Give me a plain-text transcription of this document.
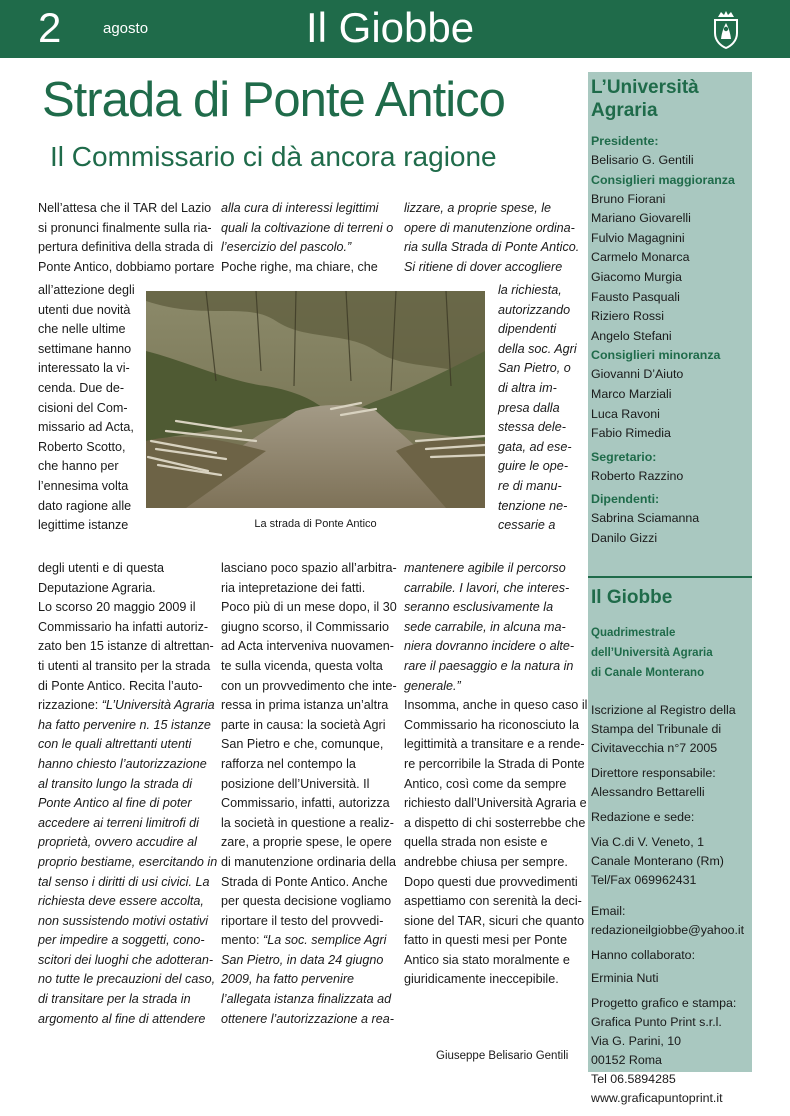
2	agosto	Il Giobbe
Strada di Ponte Antico
Il Commissario ci dà ancora ragione
Nell’attesa che il TAR del Lazio
si pronunci finalmente sulla ria-
pertura definitiva della strada di
Ponte Antico, dobbiamo portare
all’attezione degli
utenti due novità
che nelle ultime
settimane hanno
interessato la vi-
cenda. Due de-
cisioni del Com-
missario ad Acta,
Roberto Scotto,
che hanno per
l’ennesima volta
dato ragione alle
legittime istanze
degli utenti e di questa
Deputazione Agraria.
Lo scorso 20 maggio 2009 il
Commissario ha infatti autoriz-
zato ben 15 istanze di altrettan-
ti utenti al transito per la strada
di Ponte Antico. Recita l’auto-
rizzazione: “L’Università Agraria
ha fatto pervenire n. 15 istanze
con le quali altrettanti utenti
hanno chiesto l’autorizzazione
al transito lungo la strada di
Ponte Antico al fine di poter
accedere ai terreni limitrofi di
proprietà, ovvero accudire al
proprio bestiame, esercitando in
tal senso i diritti di usi civici. La
richiesta deve essere accolta,
non sussistendo motivi ostativi
per impedire a soggetti, cono-
scitori dei luoghi che adotteran-
no tutte le precauzioni del caso,
di transitare per la strada in
argomento al fine di attendere
alla cura di interessi legittimi
quali la coltivazione di terreni o
l’esercizio del pascolo.”
Poche righe, ma chiare, che
La strada di Ponte Antico
lasciano poco spazio all’arbitra-
ria intepretazione dei fatti.
Poco più di un mese dopo, il 30
giugno scorso, il Commissario
ad Acta interveniva nuovamen-
te sulla vicenda, questa volta
con un provvedimento che inte-
ressa in prima istanza un’altra
parte in causa: la società Agri
San Pietro e che, comunque,
rafforza nel contempo la
posizione dell’Università. Il
Commissario, infatti, autorizza
la società in questione a realiz-
zare, a proprie spese, le opere
di manutenzione ordinaria della
Strada di Ponte Antico. Anche
per questa decisione vogliamo
riportare il testo del provvedi-
mento: “La soc. semplice Agri
San Pietro, in data 24 giugno
2009, ha fatto pervenire
l’allegata istanza finalizzata ad
ottenere l’autorizzazione a rea-
lizzare, a proprie spese, le
opere di manutenzione ordina-
ria sulla Strada di Ponte Antico.
Si ritiene di dover accogliere
la richiesta,
autorizzando
dipendenti
della soc. Agri
San Pietro, o
di altra im-
presa dalla
stessa dele-
gata, ad ese-
guire le ope-
re di manu-
tenzione ne-
cessarie a
mantenere agibile il percorso
carrabile. I lavori, che interes-
seranno esclusivamente la
sede carrabile, in alcuna ma-
niera dovranno incidere o alte-
rare il paesaggio e la natura in
generale.”
Insomma, anche in queso caso il
Commissario ha riconosciuto la
legittimità a transitare e a rende-
re percorribile la Strada di Ponte
Antico, così come da sempre
richiesto dall’Università Agraria e
a dispetto di chi sosterrebbe che
quella strada non esiste e
andrebbe chiusa per sempre.
Dopo questi due provvedimenti
aspettiamo con serenità la deci-
sione del TAR, sicuri che quanto
fatto in questi mesi per Ponte
Antico sia stato moralmente e
giuridicamente ineccepibile.
Giuseppe Belisario Gentili
L’Università
Agraria
Presidente:
Belisario G. Gentili
Consiglieri maggioranza
Bruno Fiorani
Mariano Giovarelli
Fulvio Magagnini
Carmelo Monarca
Giacomo Murgia
Fausto Pasquali
Riziero Rossi
Angelo Stefani
Consiglieri minoranza
Giovanni D’Aiuto
Marco Marziali
Luca Ravoni
Fabio Rimedia
Segretario:
Roberto Razzino
Dipendenti:
Sabrina Sciamanna
Danilo Gizzi
Il Giobbe
Quadrimestrale
dell’Università Agraria
di Canale Monterano
Iscrizione al Registro della
Stampa del Tribunale di
Civitavecchia n°7 2005
Direttore responsabile:
Alessandro Bettarelli
Redazione e sede:
Via C.di V. Veneto, 1
Canale Monterano (Rm)
Tel/Fax 069962431
Email:
redazioneilgiobbe@yahoo.it
Hanno collaborato:
Erminia Nuti
Progetto grafico e stampa:
Grafica Punto Print s.r.l.
Via G. Parini, 10
00152 Roma
Tel 06.5894285
www.graficapuntoprint.it
